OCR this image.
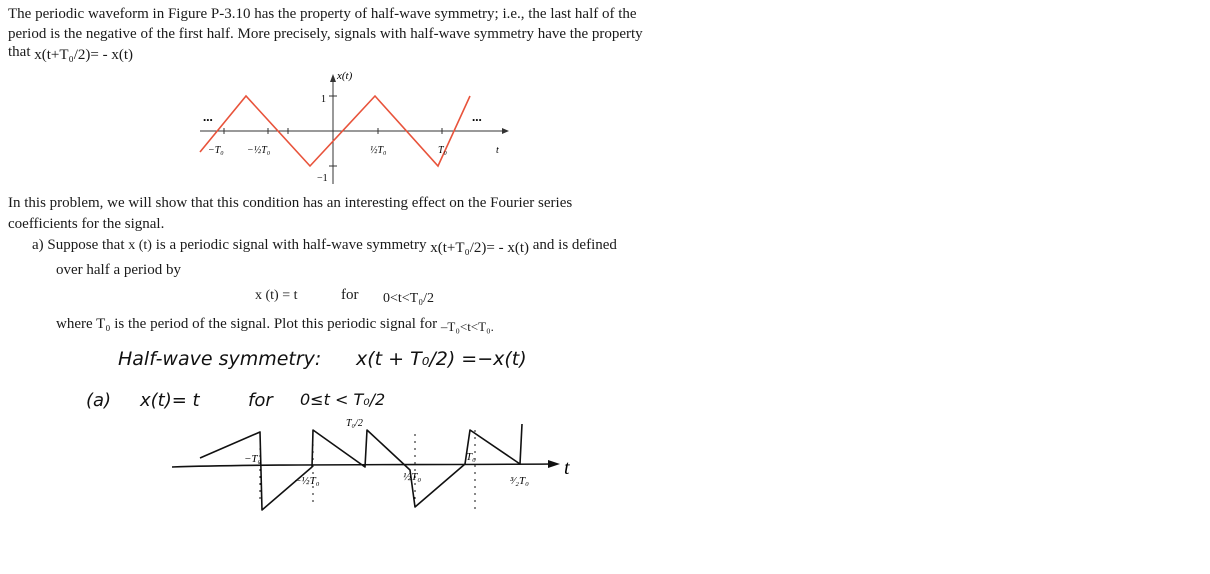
The periodic waveform in Figure P-3.10 has the property of half-wave symmetry; i.e., the last half of the

period is the negative of the first half. More precisely, signals with half-wave symmetry have the property

that x(t+T₀/2)= - x(t)
x(t)
1
−1
t
...	...
−T₀ −½T₀	½T₀	T₀

In this problem, we will show that this condition has an interesting effect on the Fourier series

coefficients for the signal.

a) Suppose that x (t) is a periodic signal with half-wave symmetry x(t+T₀/2)= - x(t) and is defined
over half a period by
x (t) = t	for 0<t<T₀/2
where T₀ is the period of the signal. Plot this periodic signal for –T₀<t<T₀.
Half-wave symmetry: x(t + T₀/2) =−x(t)
(a) x(t)= t	for 0≤t < T₀/2
−T₀
−½T₀	½T₀
T₀
³⁄₂T₀
T₀/2
t
